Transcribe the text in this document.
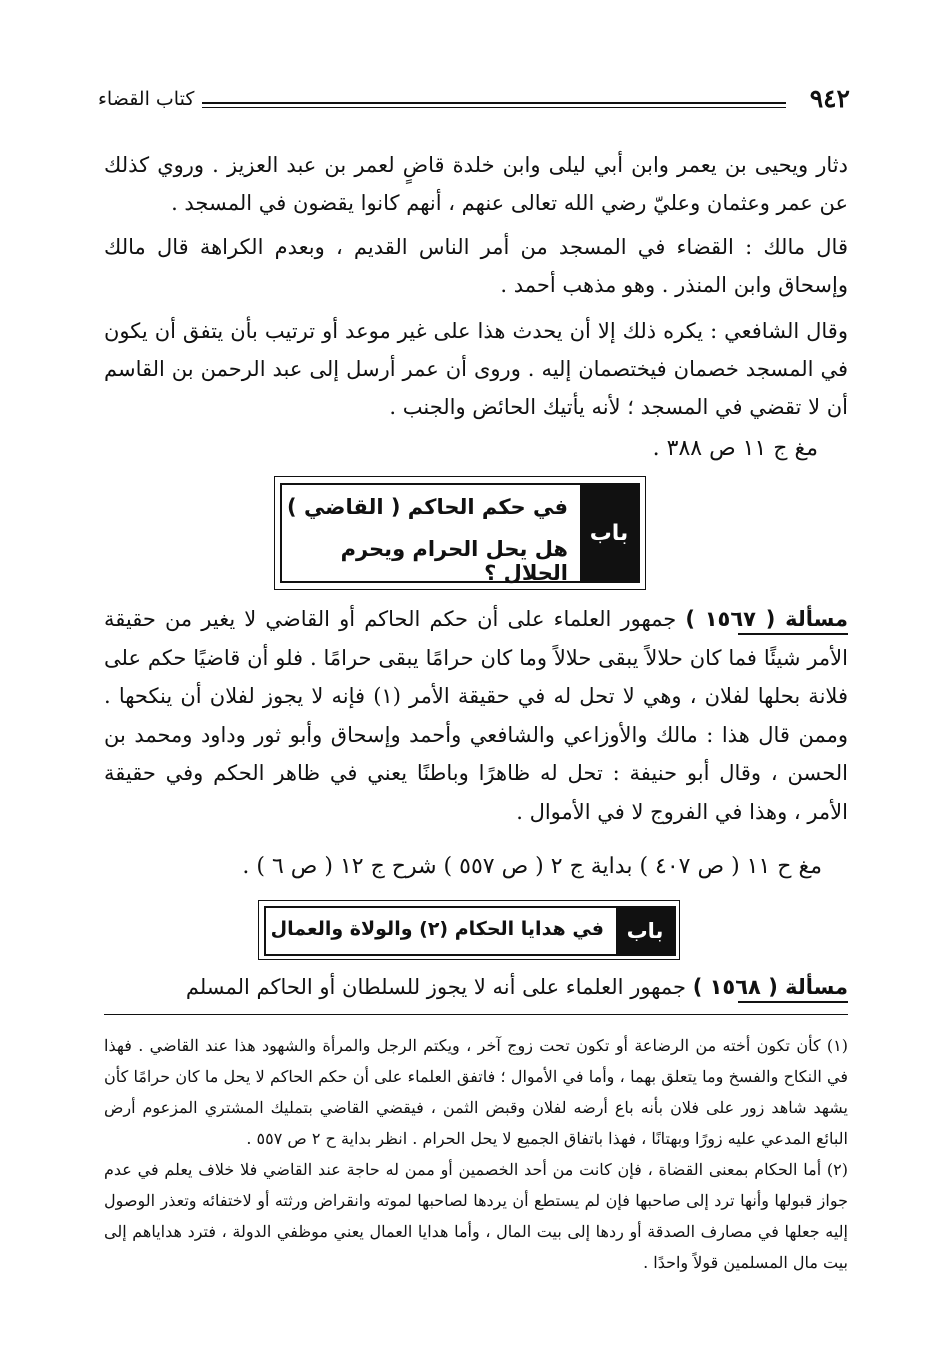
٩٤٢
كتاب القضاء

دثار ويحيى بن يعمر وابن أبي ليلى وابن خلدة قاضٍ لعمر بن عبد العزيز . وروي كذلك عن عمر وعثمان وعليّ رضي الله تعالى عنهم ، أنهم كانوا يقضون في المسجد .

قال مالك : القضاء في المسجد من أمر الناس القديم ، وبعدم الكراهة قال مالك وإسحاق وابن المنذر . وهو مذهب أحمد .

وقال الشافعي : يكره ذلك إلا أن يحدث هذا على غير موعد أو ترتيب بأن يتفق أن يكون في المسجد خصمان فيختصمان إليه . وروى أن عمر أرسل إلى عبد الرحمن بن القاسم أن لا تقضي في المسجد ؛ لأنه يأتيك الحائض والجنب .

مغ ج ١١ ص ٣٨٨ .
باب
في حكم الحاكم ( القاضي )
هل يحل الحرام ويحرم الحلال ؟

مسألة ( ١٥٦٧ ) جمهور العلماء على أن حكم الحاكم أو القاضي لا يغير من حقيقة الأمر شيئًا فما كان حلالاً يبقى حلالاً وما كان حرامًا يبقى حرامًا . فلو أن قاضيًا حكم على فلانة بحلها لفلان ، وهي لا تحل له في حقيقة الأمر (١) فإنه لا يجوز لفلان أن ينكحها . وممن قال هذا : مالك والأوزاعي والشافعي وأحمد وإسحاق وأبو ثور وداود ومحمد بن الحسن ، وقال أبو حنيفة : تحل له ظاهرًا وباطنًا يعني في ظاهر الحكم وفي حقيقة الأمر ، وهذا في الفروج لا في الأموال .

مغ ح ١١ ( ص ٤٠٧ ) بداية ج ٢ ( ص ٥٥٧ ) شرح ج ١٢ ( ص ٦ ) .
باب
في هدايا الحكام (٢) والولاة والعمال

مسألة ( ١٥٦٨ ) جمهور العلماء على أنه لا يجوز للسلطان أو الحاكم المسلم

(١) كأن تكون أخته من الرضاعة أو تكون تحت زوج آخر ، ويكتم الرجل والمرأة والشهود هذا عند القاضي . فهذا في النكاح والفسخ وما يتعلق بهما ، وأما في الأموال ؛ فاتفق العلماء على أن حكم الحاكم لا يحل ما كان حرامًا كأن يشهد شاهد زور على فلان بأنه باع أرضه لفلان وقبض الثمن ، فيقضي القاضي بتمليك المشتري المزعوم أرض البائع المدعي عليه زورًا وبهتانًا ، فهذا باتفاق الجميع لا يحل الحرام . انظر بداية ح ٢ ص ٥٥٧ .

(٢) أما الحكام بمعنى القضاة ، فإن كانت من أحد الخصمين أو ممن له حاجة عند القاضي فلا خلاف يعلم في عدم جواز قبولها وأنها ترد إلى صاحبها فإن لم يستطع أن يردها لصاحبها لموته وانقراض ورثته أو لاختفائه وتعذر الوصول إليه جعلها في مصارف الصدقة أو ردها إلى بيت المال ، وأما هدايا العمال يعني موظفي الدولة ، فترد هداياهم إلى بيت مال المسلمين قولاً واحدًا .
